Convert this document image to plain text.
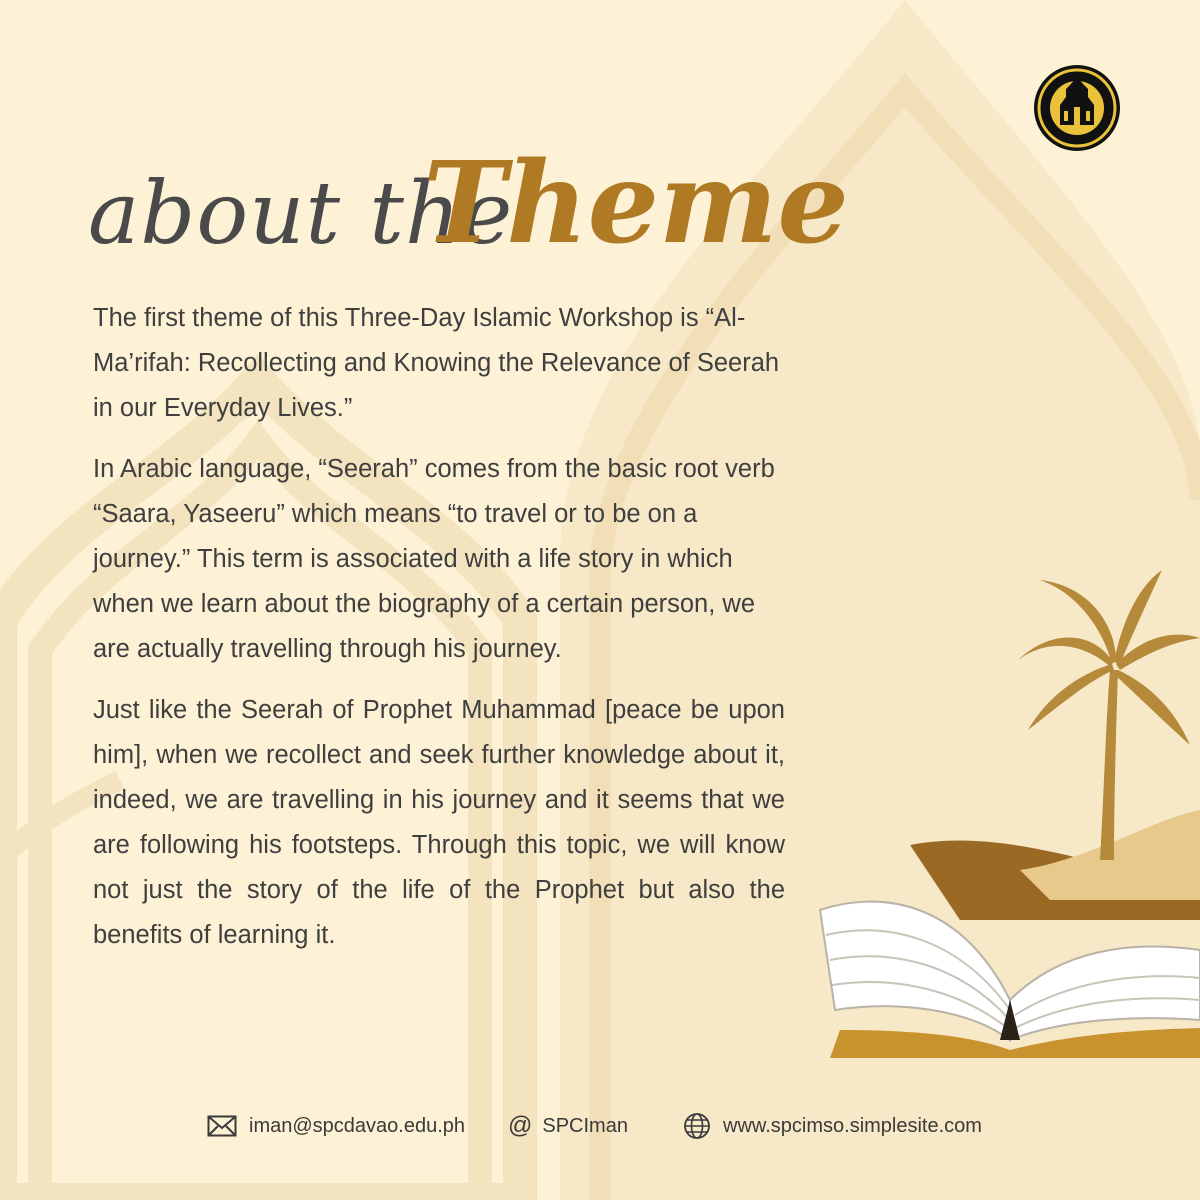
about the
Theme

The first theme of this Three-Day Islamic Workshop is “Al-Ma’rifah: Recollecting and Knowing the Relevance of Seerah in our Everyday Lives.”

In Arabic language, “Seerah” comes from the basic root verb “Saara, Yaseeru” which means “to travel or to be on a journey.” This term is associated with a life story in which when we learn about the biography of a certain person, we are actually travelling through his journey.

Just like the Seerah of Prophet Muhammad [peace be upon him], when we recollect and seek further knowledge about it, indeed, we are travelling in his journey and it seems that we are following his footsteps. Through this topic, we will know not just the story of the life of the Prophet but also the benefits of learning it.

iman@spcdavao.edu.ph @ SPCIman	www.spcimso.simplesite.com
